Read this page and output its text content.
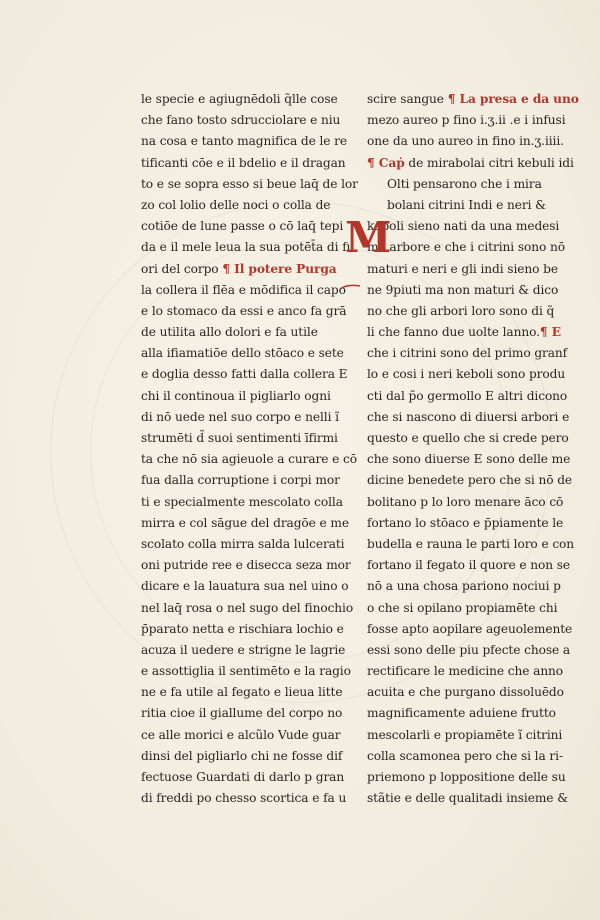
le specie e agiugnēdoli q̃lle cose
che fano tosto sdrucciolare e niu
na cosa e tanto magnifica de le re
tificanti cōe e il bdelio e il dragan
to e se sopra esso si beue laq̄ de lor
zo col lolio delle noci o colla de
cotiōe de lune passe o cō laq̄ tepi
da e il mele leua la sua potēt̄a di fu
ori del corpo ¶ Il potere Purga
la collera il flēa e mōdifica il capo
e lo stomaco da essi e anco fa grā
de utilita allo dolori e fa utile
alla ifiamatiōe dello stōaco e sete
e doglia desso fatti dalla collera E
chi il continoua il pigliarlo ogni
di nō uede nel suo corpo e nelli ĩ
strumēti d̃ suoi sentimenti īfirmi
ta che nō sia agieuole a curare e cō
fua dalla corruptione i corpi mor
ti e specialmente mescolato colla
mirra e col sāgue del dragōe e me
scolato colla mirra salda lulcerati
oni putride ree e disecca seza mor
dicare e la lauatura sua nel uino o
nel laq̄ rosa o nel sugo del finochio
p̄parato netta e rischiara lochio e
acuza il uedere e strigne le lagrie
e assottiglia il sentimēto e la ragio
ne e fa utile al fegato e lieua litte
ritia cioe il giallume del corpo no
ce alle morici e alcũlo Vude guar
dinsi del pigliarlo chi ne fosse dif
fectuose Guardati di darlo p gran
di freddi po chesso scortica e fa u
scire sangue ¶ La presa e da uno
mezo aureo p fino i.ʒ.ii .e i infusi
one da uno aureo in fino in.ʒ.iiii.
¶ Caṗ de mirabolai citri kebuli idi
M
Olti pensarono che i mira
bolani citrini Indi e neri &
keboli sieno nati da una medesi
ma arbore e che i citrini sono nō
maturi e neri e gli indi sieno be
ne 9piuti ma non maturi & dico
no che gli arbori loro sono di q̃
li che fanno due uolte lanno.¶ E
che i citrini sono del primo granf
lo e cosi i neri keboli sono produ
cti dal p̃o germollo E altri dicono
che si nascono di diuersi arbori e
questo e quello che si crede pero
che sono diuerse E sono delle me
dicine benedete pero che si nō de
bolitano p lo loro menare āco cō
fortano lo stōaco e p̄piamente le
budella e rauna le parti loro e con
fortano il fegato il quore e non se
nō a una chosa pariono nociui p
o che si opilano propiamēte chi
fosse apto aopilare ageuolemente
essi sono delle piu pfecte chose a
rectificare le medicine che anno
acuita e che purgano dissoluēdo
magnificamente aduiene frutto
mescolarli e propiamēte ĩ citrini
colla scamonea pero che si la ri-
priemono p loppositione delle su
stãtie e delle qualitadi insieme &
